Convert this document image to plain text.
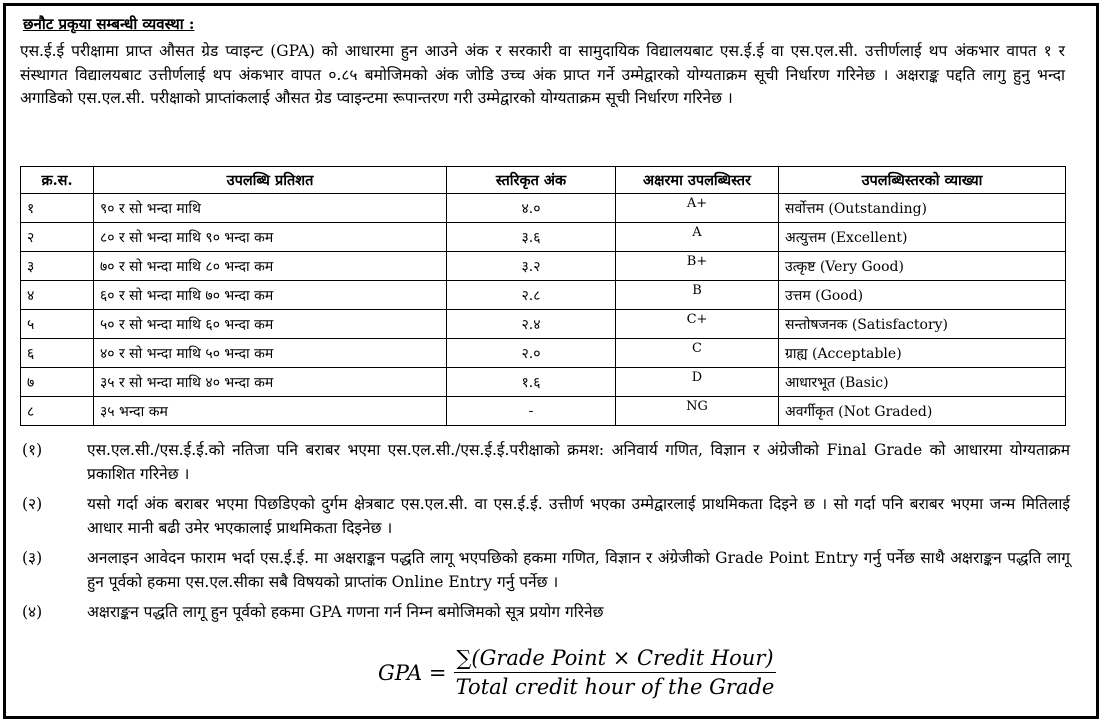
छनौट प्रकृया सम्बन्धी व्यवस्था :
एस.ई.ई परीक्षामा प्राप्त औसत ग्रेड प्वाइन्ट (GPA) को आधारमा हुन आउने अंक र सरकारी वा सामुदायिक विद्यालयबाट एस.ई.ई वा एस.एल.सी. उत्तीर्णलाई थप अंकभार वापत १ र संस्थागत विद्यालयबाट उत्तीर्णलाई थप अंकभार वापत ०.८५ बमोजिमको अंक जोडि उच्च अंक प्राप्त गर्ने उम्मेद्वारको योग्यताक्रम सूची निर्धारण गरिनेछ । अक्षराङ्क पद्दति लागु हुनु भन्दा अगाडिको एस.एल.सी. परीक्षाको प्राप्तांकलाई औसत ग्रेड प्वाइन्टमा रूपान्तरण गरी उम्मेद्वारको योग्यताक्रम सूची निर्धारण गरिनेछ ।
क्र.स.	उपलब्धि प्रतिशत	स्तरिकृत अंक	अक्षरमा उपलब्धिस्तर	उपलब्धिस्तरको व्याख्या
१	९० र सो भन्दा माथि	४.०	A+	सर्वोत्तम (Outstanding)
२	८० र सो भन्दा माथि ९० भन्दा कम	३.६	A	अत्युत्तम (Excellent)
३	७० र सो भन्दा माथि ८० भन्दा कम	३.२	B+	उत्कृष्ट (Very Good)
४	६० र सो भन्दा माथि ७० भन्दा कम	२.८	B	उत्तम (Good)
५	५० र सो भन्दा माथि ६० भन्दा कम	२.४	C+	सन्तोषजनक (Satisfactory)
६	४० र सो भन्दा माथि ५० भन्दा कम	२.०	C	ग्राह्य (Acceptable)
७	३५ र सो भन्दा माथि ४० भन्दा कम	१.६	D	आधारभूत (Basic)
८	३५ भन्दा कम	-	NG	अवर्गीकृत (Not Graded)
(१)	एस.एल.सी./एस.ई.ई.को नतिजा पनि बराबर भएमा एस.एल.सी./एस.ई.ई.परीक्षाको क्रमश: अनिवार्य गणित, विज्ञान र अंग्रेजीको Final Grade को आधारमा योग्यताक्रम प्रकाशित गरिनेछ ।
(२)	यसो गर्दा अंक बराबर भएमा पिछडिएको दुर्गम क्षेत्रबाट एस.एल.सी. वा एस.ई.ई. उत्तीर्ण भएका उम्मेद्वारलाई प्राथमिकता दिइने छ । सो गर्दा पनि बराबर भएमा जन्म मितिलाई आधार मानी बढी उमेर भएकालाई प्राथमिकता दिइनेछ ।
(३)	अनलाइन आवेदन फाराम भर्दा एस.ई.ई. मा अक्षराङ्कन पद्धति लागू भएपछिको हकमा गणित, विज्ञान र अंग्रेजीको Grade Point Entry गर्नु पर्नेछ साथै अक्षराङ्कन पद्धति लागू हुन पूर्वको हकमा एस.एल.सीका सबै विषयको प्राप्तांक Online Entry गर्नु पर्नेछ ।
(४)	अक्षराङ्कन पद्धति लागू हुन पूर्वको हकमा GPA गणना गर्न निम्न बमोजिमको सूत्र प्रयोग गरिनेछ
GPA = $\frac{\text{∑(Grade Point × Credit Hour)}}{\text{Total credit hour of the Grade}}$
